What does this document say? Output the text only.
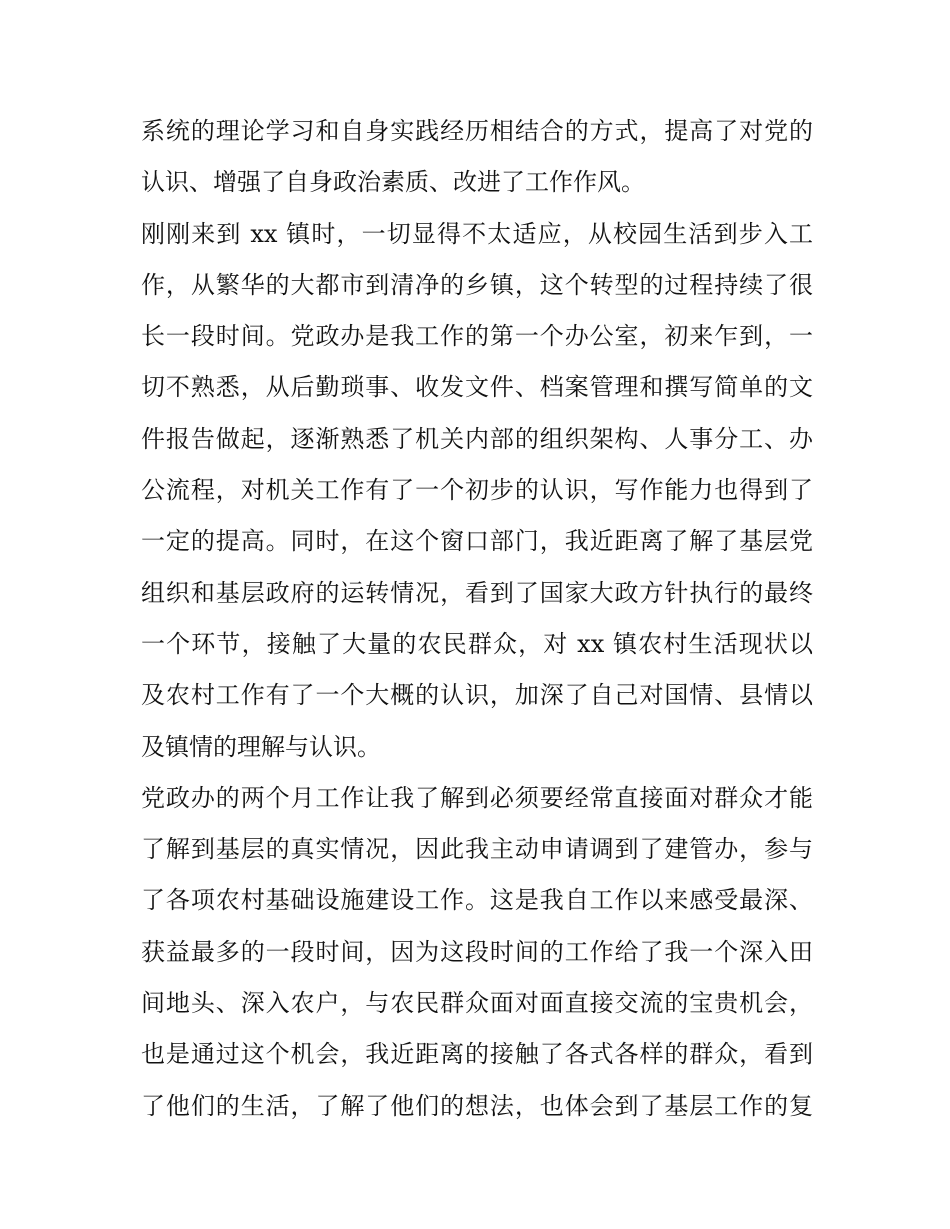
系统的理论学习和自身实践经历相结合的方式，提高了对党的
认识、增强了自身政治素质、改进了工作作风。
刚刚来到 xx 镇时，一切显得不太适应，从校园生活到步入工
作，从繁华的大都市到清净的乡镇，这个转型的过程持续了很
长一段时间。党政办是我工作的第一个办公室，初来乍到，一
切不熟悉，从后勤琐事、收发文件、档案管理和撰写简单的文
件报告做起，逐渐熟悉了机关内部的组织架构、人事分工、办
公流程，对机关工作有了一个初步的认识，写作能力也得到了
一定的提高。同时，在这个窗口部门，我近距离了解了基层党
组织和基层政府的运转情况，看到了国家大政方针执行的最终
一个环节，接触了大量的农民群众，对 xx 镇农村生活现状以
及农村工作有了一个大概的认识，加深了自己对国情、县情以
及镇情的理解与认识。
党政办的两个月工作让我了解到必须要经常直接面对群众才能
了解到基层的真实情况，因此我主动申请调到了建管办，参与
了各项农村基础设施建设工作。这是我自工作以来感受最深、
获益最多的一段时间，因为这段时间的工作给了我一个深入田
间地头、深入农户，与农民群众面对面直接交流的宝贵机会，
也是通过这个机会，我近距离的接触了各式各样的群众，看到
了他们的生活，了解了他们的想法，也体会到了基层工作的复
